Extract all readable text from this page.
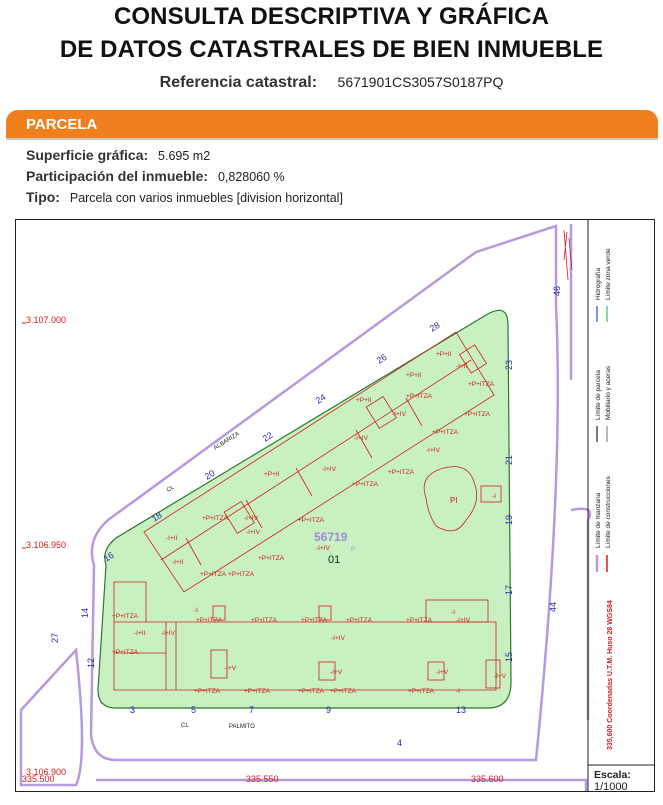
CONSULTA DESCRIPTIVA Y GRÁFICA
DE DATOS CATASTRALES DE BIEN INMUEBLE
Referencia catastral: 5671901CS3057S0187PQ
PARCELA
Superficie gráfica: 5.695 m2
Participación del inmueble: 0,828060 %
Tipo: Parcela con varios inmuebles [division horizontal]
+P+II
+P+II
-I+II
+P+ITZA
+P+II
-I+IV	+P+ITZA
+P+ITZA
-I+IV
+P+ITZA
-I+IV
+P+II
-I+IV
+P+ITZA
+P+ITZA
-I+II
+P+ITZA -I+IV
+P+ITZA
-I+IV
-I+II
+P+ITZA +P+ITZA
+P+ITZA
-I+IV
-I
+P+ITZA
-I
+P+ITZA
+P+ITZA
-I+II -I+IV
+P+ITZA
-I+IV
-I+IV
-I+V
-I+V	-I+V
-I+V
+P+ITZA	+P+ITZA	+P+ITZA +P+ITZA	+P+ITZA
+P+ITZA	+P+ITZA	+P+ITZA
-I
-I
56719
P
01
PI
ALBARIZA
CL
CL	PALMITO
3	5	7	9	13
14
12
23
21
19
17
15
16
18
20
22
24
26
28
27
4
44
46
3.107.000
3.106.950
3.106.900
335.500	335.550	335.600
Límite de manzana Límite de construcciones
Límite de parcela Mobiliario y aceras
Hidrografía Límite zona verde
335,600 Coordenadas U.T.M. Huso 28 WGS84
Escala:
1/1000
